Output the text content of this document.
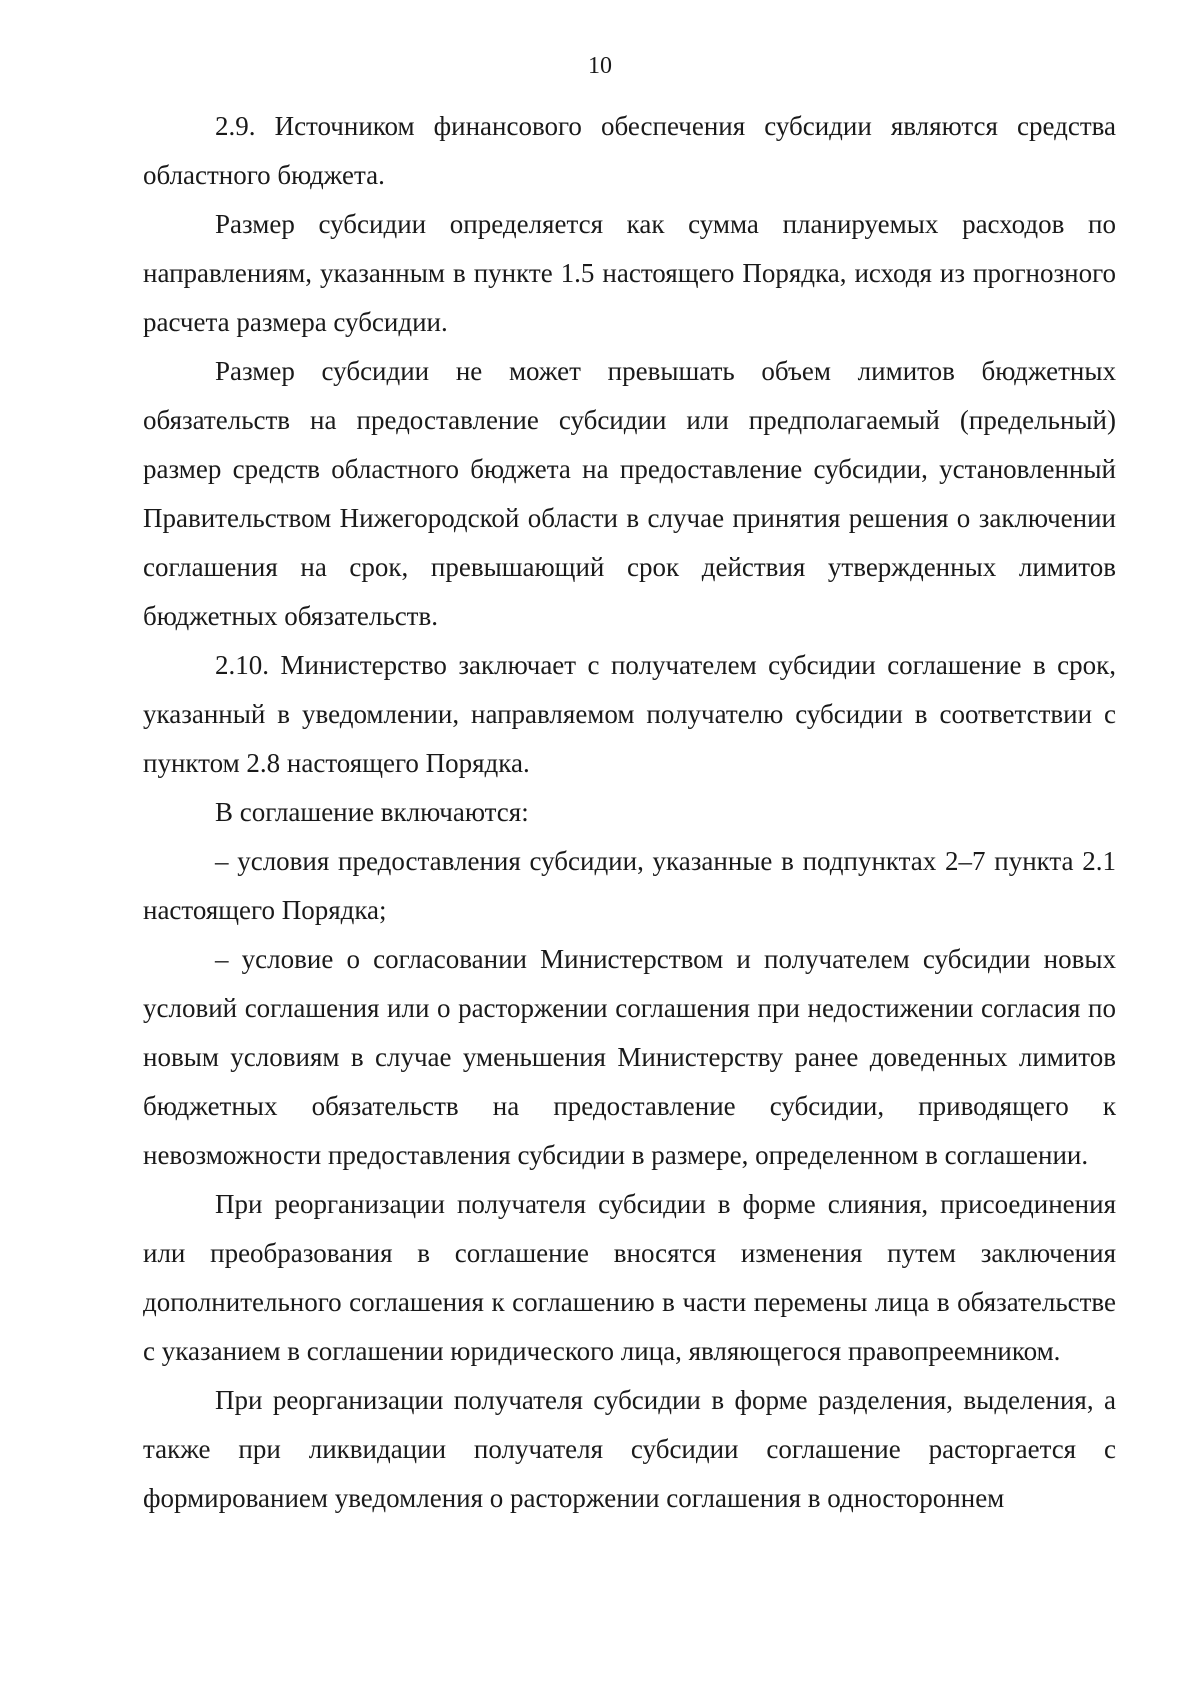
10

2.9. Источником финансового обеспечения субсидии являются средства областного бюджета.

Размер субсидии определяется как сумма планируемых расходов по направлениям, указанным в пункте 1.5 настоящего Порядка, исходя из прогнозного расчета размера субсидии.

Размер субсидии не может превышать объем лимитов бюджетных обязательств на предоставление субсидии или предполагаемый (предельный) размер средств областного бюджета на предоставление субсидии, установленный Правительством Нижегородской области в случае принятия решения о заключении соглашения на срок, превышающий срок действия утвержденных лимитов бюджетных обязательств.

2.10. Министерство заключает с получателем субсидии соглашение в срок, указанный в уведомлении, направляемом получателю субсидии в соответствии с пунктом 2.8 настоящего Порядка.

В соглашение включаются:

– условия предоставления субсидии, указанные в подпунктах 2–7 пункта 2.1 настоящего Порядка;

– условие о согласовании Министерством и получателем субсидии новых условий соглашения или о расторжении соглашения при недостижении согласия по новым условиям в случае уменьшения Министерству ранее доведенных лимитов бюджетных обязательств на предоставление субсидии, приводящего к невозможности предоставления субсидии в размере, определенном в соглашении.

При реорганизации получателя субсидии в форме слияния, присоединения или преобразования в соглашение вносятся изменения путем заключения дополнительного соглашения к соглашению в части перемены лица в обязательстве с указанием в соглашении юридического лица, являющегося правопреемником.

При реорганизации получателя субсидии в форме разделения, выделения, а также при ликвидации получателя субсидии соглашение расторгается с формированием уведомления о расторжении соглашения в одностороннем
